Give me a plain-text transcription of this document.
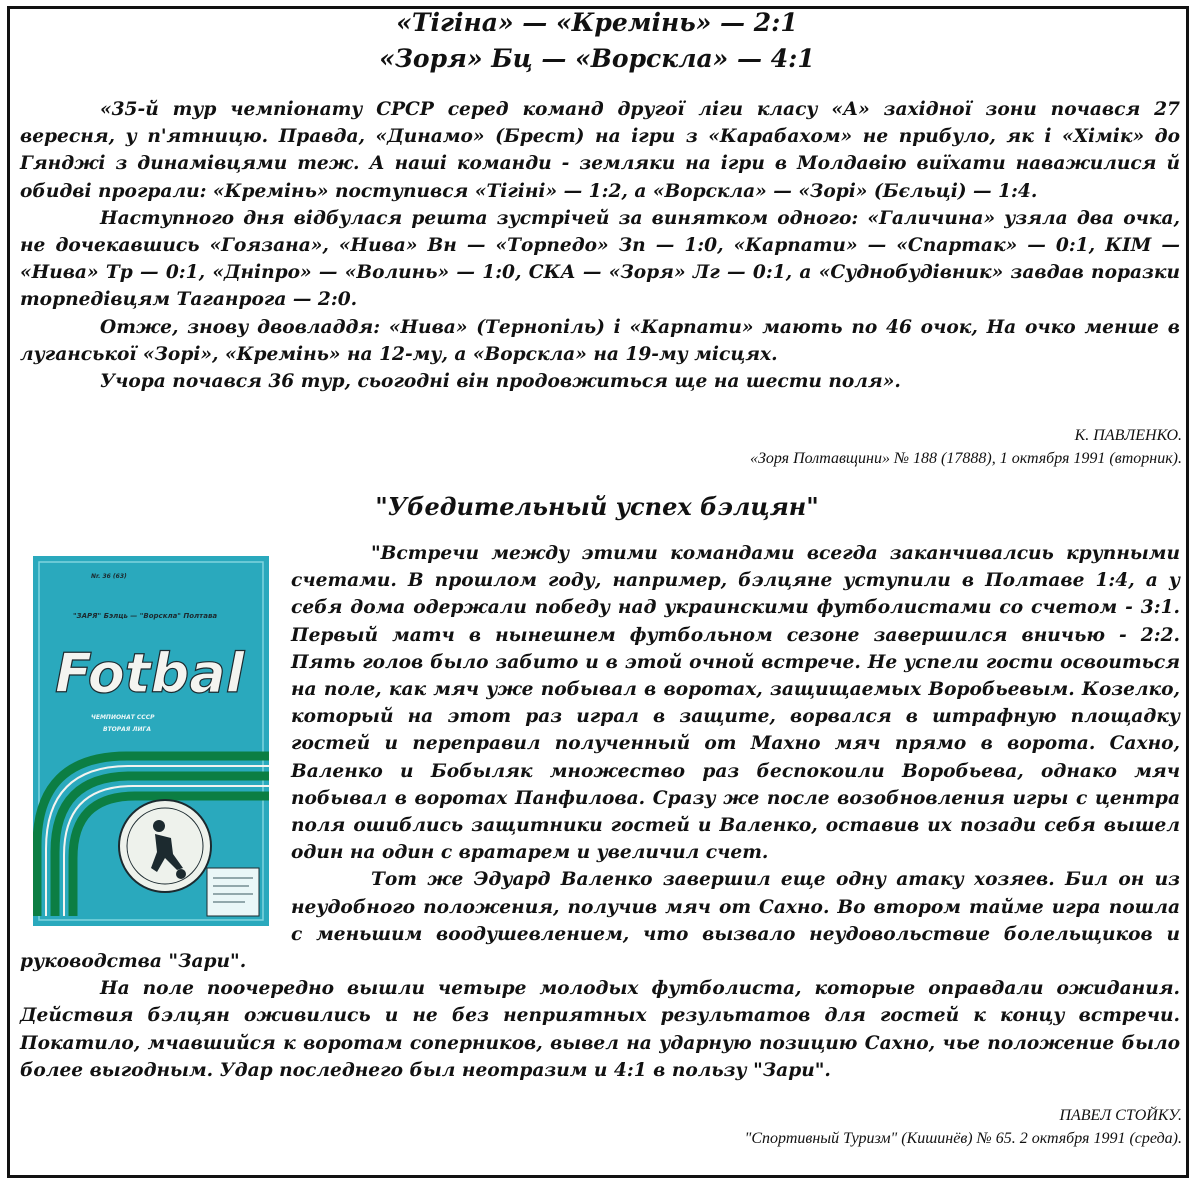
«Тігіна» — «Кремінь» — 2:1
«Зоря» Бц — «Ворскла» — 4:1

«35-й тур чемпіонату СРСР серед команд другої ліги класу «А» західної зони почався 27 вересня, у п'ятницю. Правда, «Динамо» (Брест) на ігри з «Карабахом» не прибуло, як і «Хімік» до Гянджі з динамівцями теж. А наші команди - земляки на ігри в Молдавію виїхати наважилися й обидві програли: «Кремінь» поступився «Тігіні» — 1:2, а «Ворскла» — «Зорі» (Бєльці) — 1:4.

Наступного дня відбулася решта зустрічей за винятком одного: «Галичина» узяла два очка, не дочекавшись «Гоязана», «Нива» Вн — «Торпедо» Зп — 1:0, «Карпати» — «Спартак» — 0:1, КІМ — «Нива» Тр — 0:1, «Дніпро» — «Волинь» — 1:0, СКА — «Зоря» Лг — 0:1, а «Суднобудівник» завдав поразки торпедівцям Таганрога — 2:0.

Отже, знову двовладдя: «Нива» (Тернопіль) і «Карпати» мають по 46 очок, На очко менше в луганської «Зорі», «Кремінь» на 12-му, а «Ворскла» на 19-му місцях.

Учора почався 36 тур, сьогодні він продовжиться ще на шести поля».

К. ПАВЛЕНКО.
«Зоря Полтавщини» № 188 (17888), 1 октября 1991 (вторник).
"Убедительный успех бэлцян"
Nr. 36 (63)
"ЗАРЯ" Бэлць — "Ворскла" Полтава
Fotbal
ЧЕМПИОНАТ СССР
ВТОРАЯ ЛИГА

"Встречи между этими командами всегда заканчивалсиь крупными счетами. В прошлом году, например, бэлцяне уступили в Полтаве 1:4, а у себя дома одержали победу над украинскими футболистами со счетом - 3:1. Первый матч в нынешнем футбольном сезоне завершился вничью - 2:2. Пять голов было забито и в этой очной встрече. Не успели гости освоиться на поле, как мяч уже побывал в воротах, защищаемых Воробьевым. Козелко, который на этот раз играл в защите, ворвался в штрафную площадку гостей и переправил полученный от Махно мяч прямо в ворота. Сахно, Валенко и Бобыляк множество раз беспокоили Воробьева, однако мяч побывал в воротах Панфилова. Сразу же после возобновления игры с центра поля ошиблись защитники гостей и Валенко, оставив их позади себя вышел один на один с вратарем и увеличил счет.

Тот же Эдуард Валенко завершил еще одну атаку хозяев. Бил он из неудобного положения, получив мяч от Сахно. Во втором тайме игра пошла с меньшим воодушевлением, что вызвало неудовольствие болельщиков и руководства "Зари".

На поле поочередно вышли четыре молодых футболиста, которые оправдали ожидания. Действия бэлцян оживились и не без неприятных результатов для гостей к концу встречи. Покатило, мчавшийся к воротам соперников, вывел на ударную позицию Сахно, чье положение было более выгодным. Удар последнего был неотразим и 4:1 в пользу "Зари".

ПАВЕЛ СТОЙКУ.
"Спортивный Туризм" (Кишинёв) № 65. 2 октября 1991 (среда).
